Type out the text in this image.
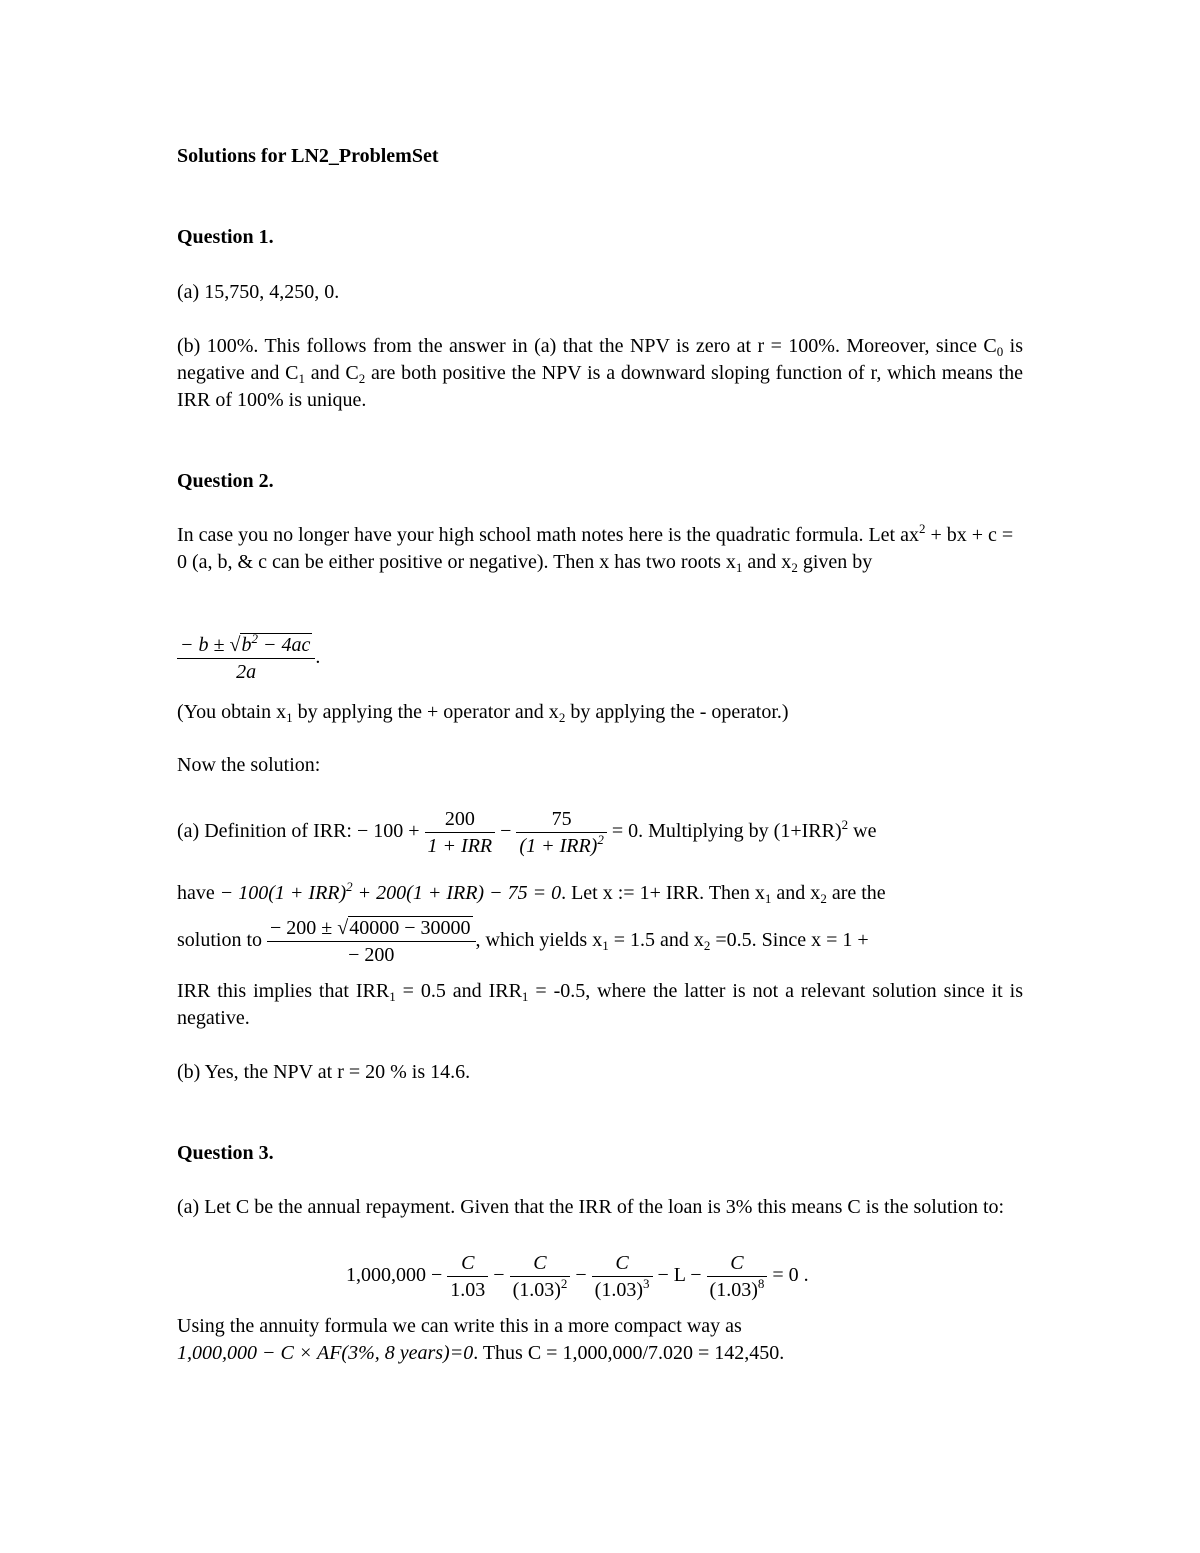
Solutions for LN2_ProblemSet
Question 1.
(a) 15,750, 4,250, 0.
(b) 100%. This follows from the answer in (a) that the NPV is zero at r = 100%. Moreover, since $C_0$ is negative and $C_1$ and $C_2$ are both positive the NPV is a downward sloping function of r, which means the IRR of 100% is unique.
Question 2.
In case you no longer have your high school math notes here is the quadratic formula. Let $ax^2$ + bx + c = 0 (a, b, & c can be either positive or negative). Then x has two roots $x_1$ and $x_2$ given by
$\frac{- b \pm √b^2 - 4ac}{2a}$ .
(You obtain $x_1$ by applying the + operator and $x_2$ by applying the - operator.)
Now the solution:
(a) Definition of IRR: − 100 +
200
1 + IRR
−
75
(1 + IRR)$^2$ = 0. Multiplying by $(1+IRR)^2$ we
have − 100(1 + IRR)$^2$ + 200(1 + IRR) − 75 = 0. Let x := 1+ IRR. Then $x_1$ and $x_2$ are the
solution to $\frac{- 200 \pm √40000 - 30000}{- 200}$ , which yields $x_1 = 1.5$ and $x_2 =0.5$. Since x = 1 +
IRR this implies that $IRR_1 = 0.5$ and $IRR_1 = -0.5$, where the latter is not a relevant solution since it is negative.
(b) Yes, the NPV at r = 20 % is 14.6.
Question 3.
(a) Let C be the annual repayment. Given that the IRR of the loan is 3% this means C is the solution to:
$1,000,000 - \frac{C}{1.03} - \frac{C}{(1.03)^2} - \frac{C}{(1.03)^3} - L - \frac{C}{(1.03)^8} = 0$ .
Using the annuity formula we can write this in a more compact way as
1,000,000 − C × AF(3%, 8 years)=0. Thus C = 1,000,000/7.020 = 142,450.
